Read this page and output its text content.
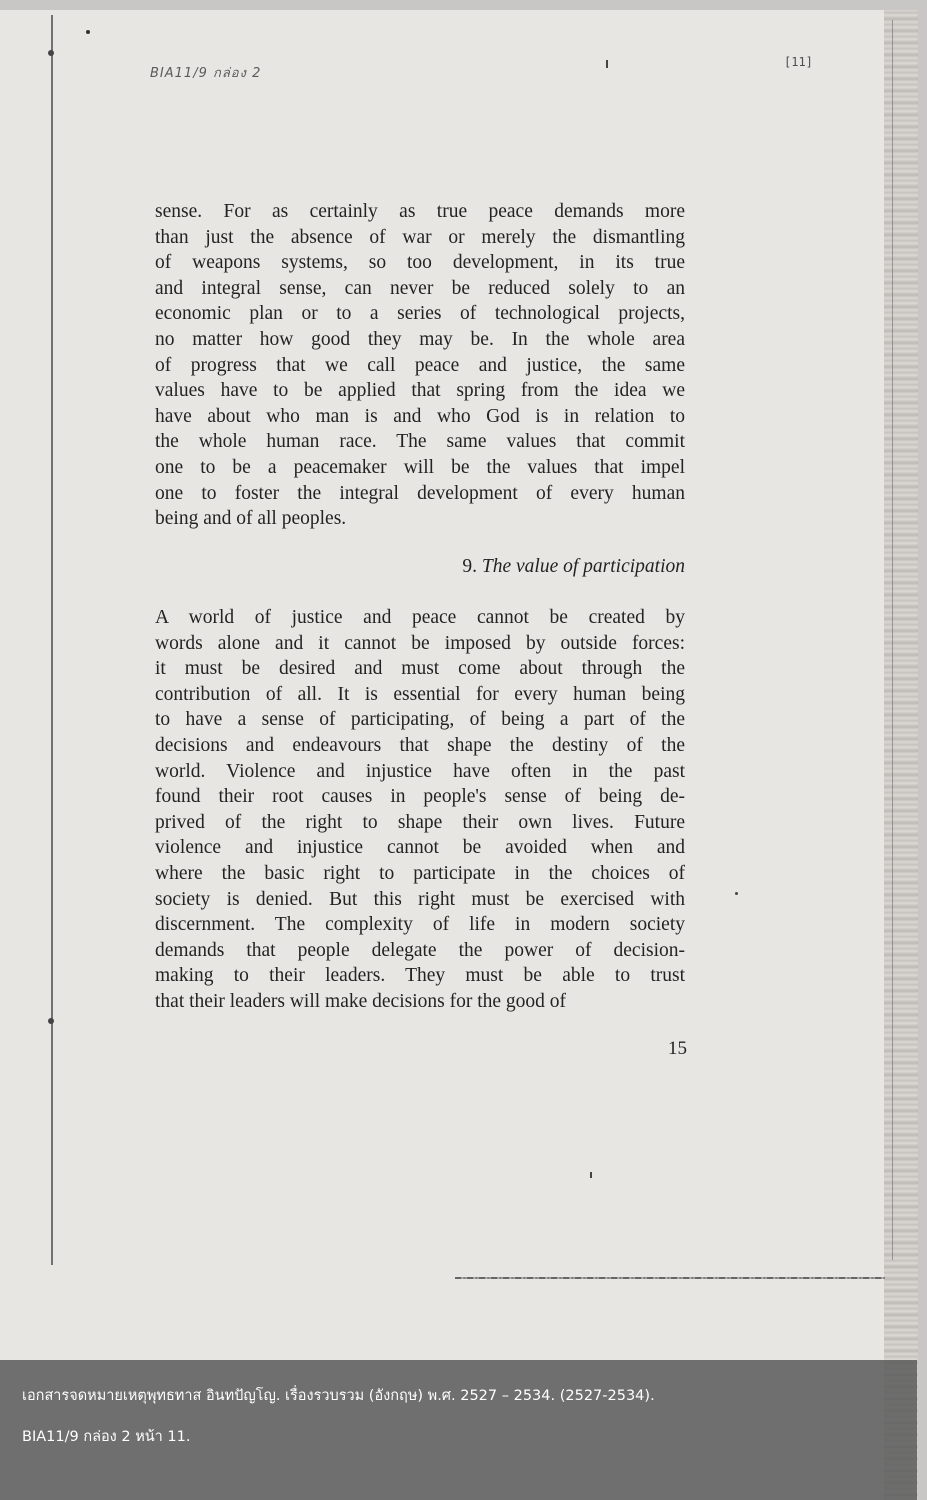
BIA11/9 กล่อง 2
[11]
sense. For as certainly as true peace demands more
than just the absence of war or merely the dismantling
of weapons systems, so too development, in its true
and integral sense, can never be reduced solely to an
economic plan or to a series of technological projects,
no matter how good they may be. In the whole area
of progress that we call peace and justice, the same
values have to be applied that spring from the idea we
have about who man is and who God is in relation to
the whole human race. The same values that commit
one to be a peacemaker will be the values that impel
one to foster the integral development of every human
being and of all peoples.
9. The value of participation
A world of justice and peace cannot be created by
words alone and it cannot be imposed by outside forces:
it must be desired and must come about through the
contribution of all. It is essential for every human being
to have a sense of participating, of being a part of the
decisions and endeavours that shape the destiny of the
world. Violence and injustice have often in the past
found their root causes in people's sense of being de-
prived of the right to shape their own lives. Future
violence and injustice cannot be avoided when and
where the basic right to participate in the choices of
society is denied. But this right must be exercised with
discernment. The complexity of life in modern society
demands that people delegate the power of decision-
making to their leaders. They must be able to trust
that their leaders will make decisions for the good of
15
เอกสารจดหมายเหตุพุทธทาส อินทปัญโญ. เรื่องรวบรวม (อังกฤษ) พ.ศ. 2527 – 2534. (2527-2534).
BIA11/9 กล่อง 2 หน้า 11.
